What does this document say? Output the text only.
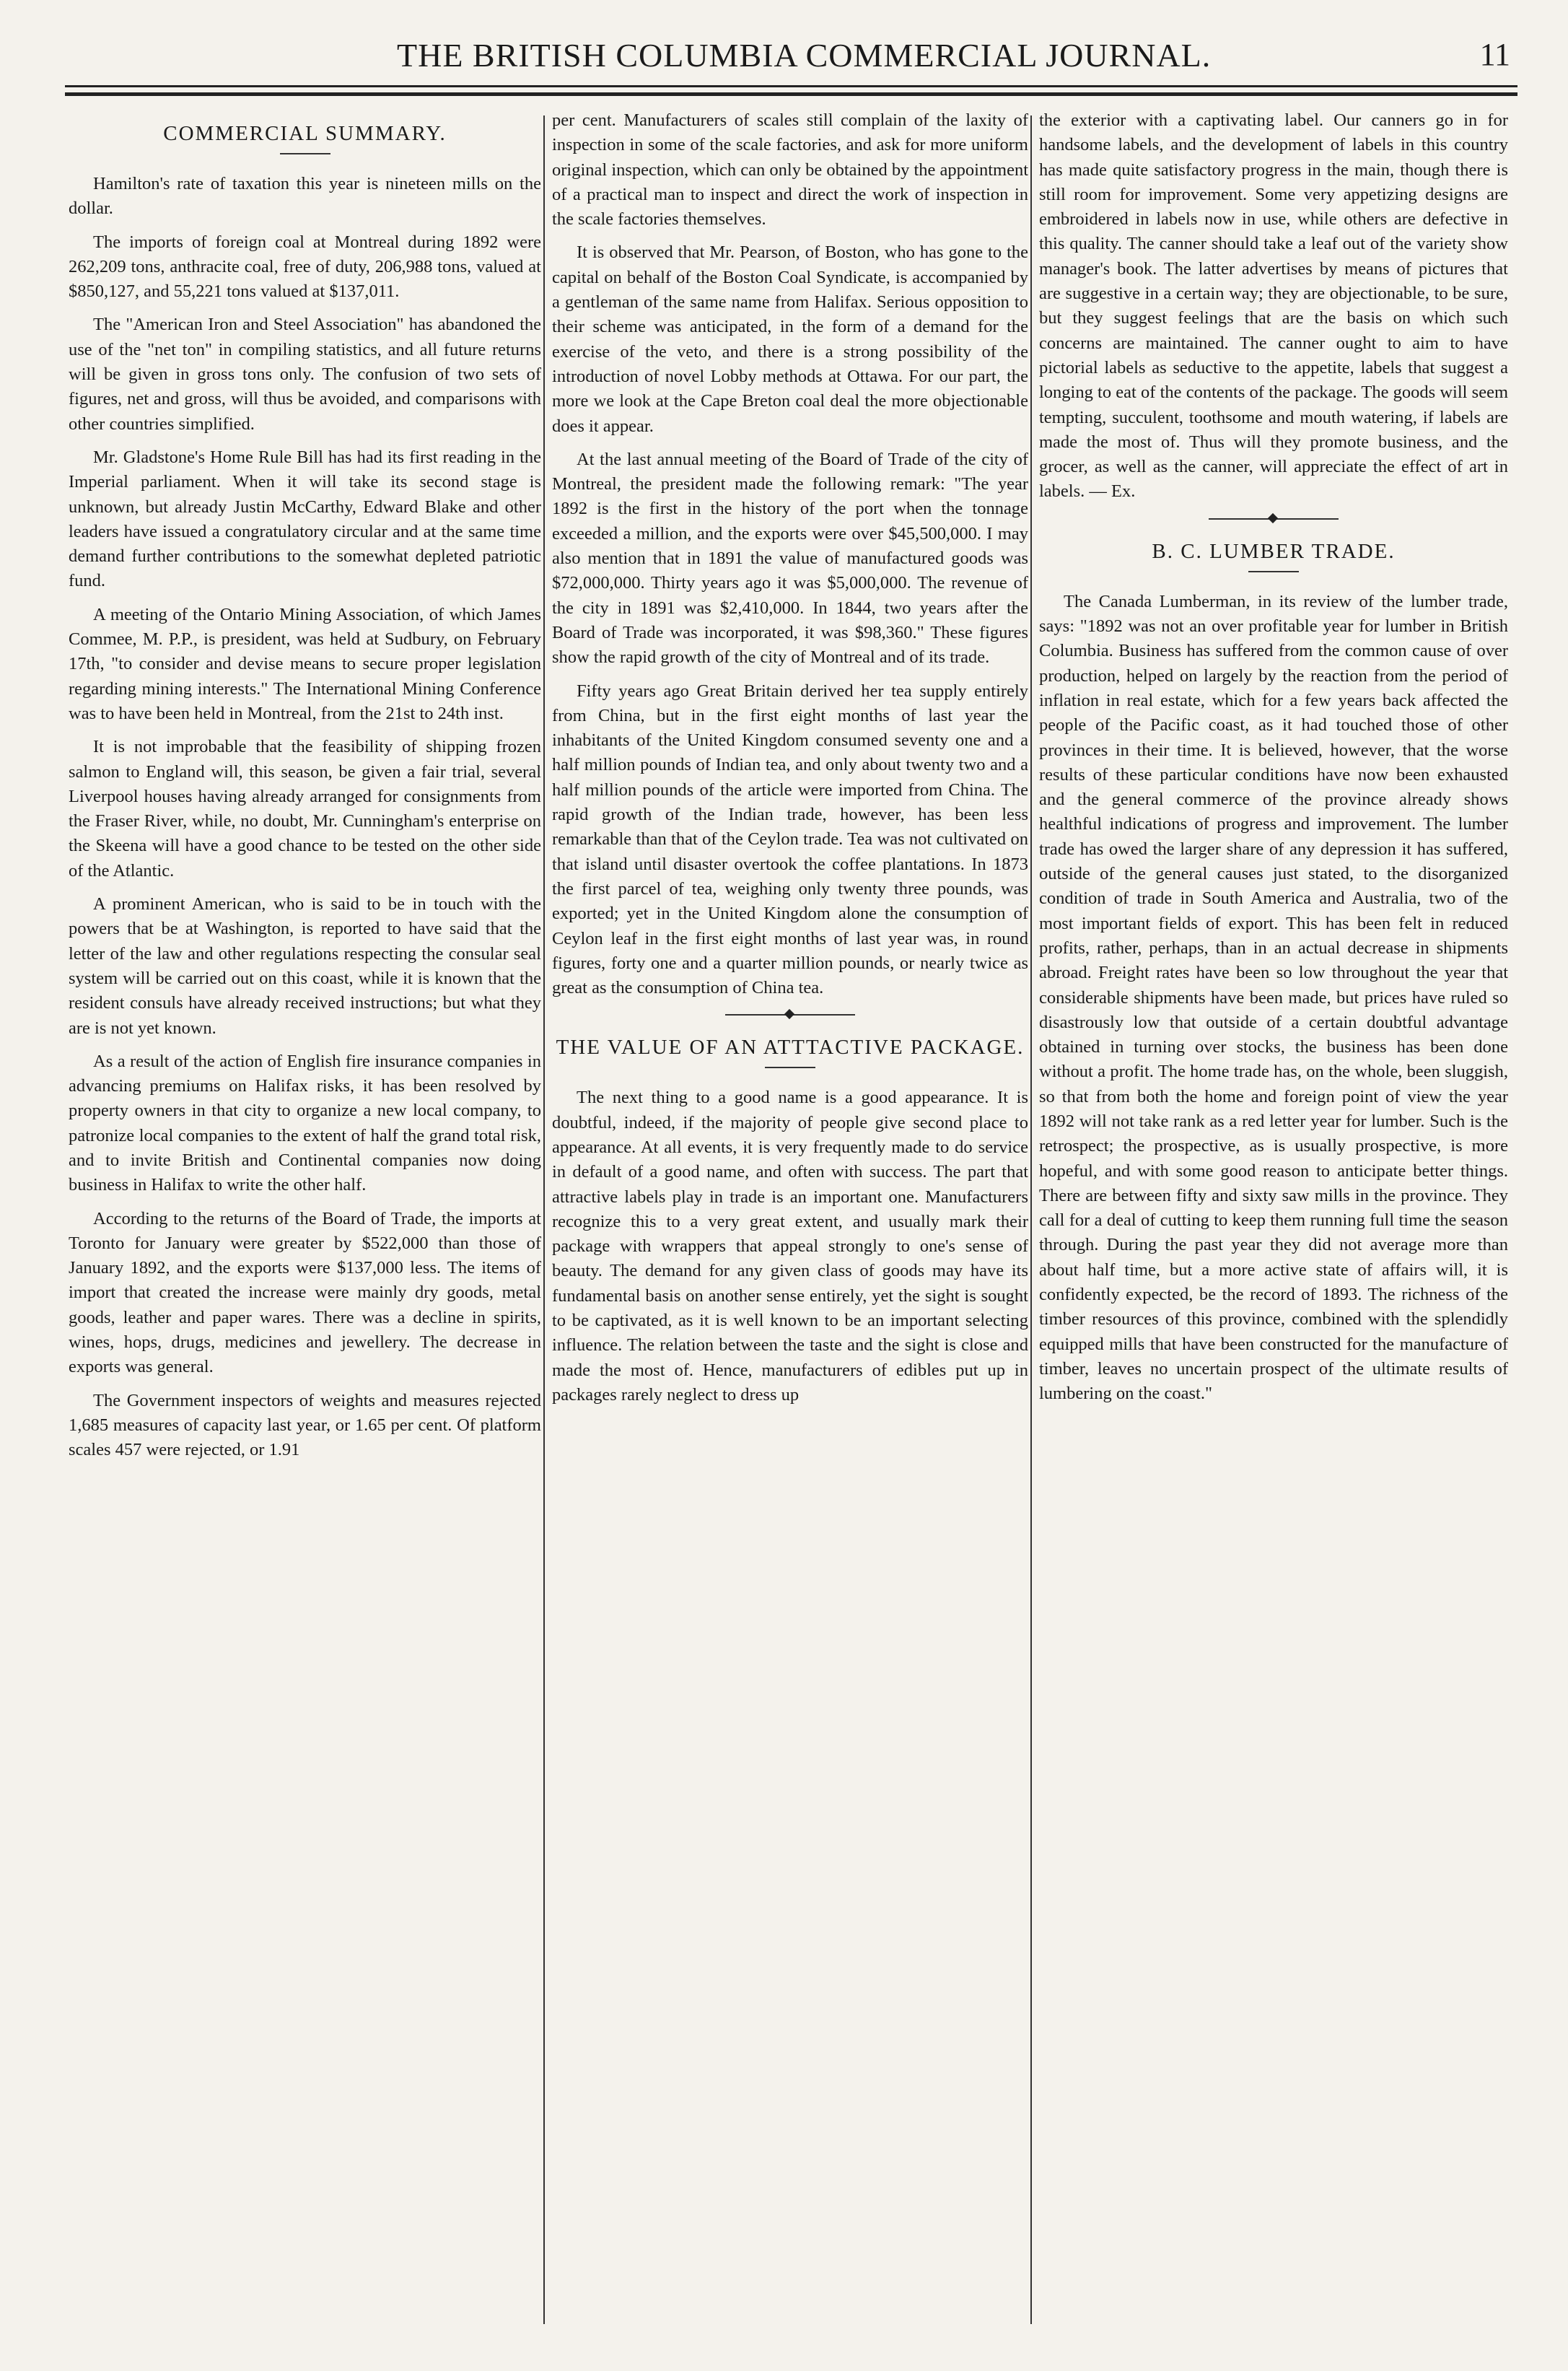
THE BRITISH COLUMBIA COMMERCIAL JOURNAL.	11
COMMERCIAL SUMMARY.

Hamilton's rate of taxation this year is nineteen mills on the dollar.

The imports of foreign coal at Montreal during 1892 were 262,209 tons, anthracite coal, free of duty, 206,988 tons, valued at $850,127, and 55,221 tons valued at $137,011.

The "American Iron and Steel Association" has abandoned the use of the "net ton" in compiling statistics, and all future returns will be given in gross tons only. The confusion of two sets of figures, net and gross, will thus be avoided, and comparisons with other countries simplified.

Mr. Gladstone's Home Rule Bill has had its first reading in the Imperial parliament. When it will take its second stage is unknown, but already Justin McCarthy, Edward Blake and other leaders have issued a congratulatory circular and at the same time demand further contributions to the somewhat depleted patriotic fund.

A meeting of the Ontario Mining Association, of which James Commee, M. P.P., is president, was held at Sudbury, on February 17th, "to consider and devise means to secure proper legislation regarding mining interests." The International Mining Conference was to have been held in Montreal, from the 21st to 24th inst.

It is not improbable that the feasibility of shipping frozen salmon to England will, this season, be given a fair trial, several Liverpool houses having already arranged for consignments from the Fraser River, while, no doubt, Mr. Cunningham's enterprise on the Skeena will have a good chance to be tested on the other side of the Atlantic.

A prominent American, who is said to be in touch with the powers that be at Washington, is reported to have said that the letter of the law and other regulations respecting the consular seal system will be carried out on this coast, while it is known that the resident consuls have already received instructions; but what they are is not yet known.

As a result of the action of English fire insurance companies in advancing premiums on Halifax risks, it has been resolved by property owners in that city to organize a new local company, to patronize local companies to the extent of half the grand total risk, and to invite British and Continental companies now doing business in Halifax to write the other half.

According to the returns of the Board of Trade, the imports at Toronto for January were greater by $522,000 than those of January 1892, and the exports were $137,000 less. The items of import that created the increase were mainly dry goods, metal goods, leather and paper wares. There was a decline in spirits, wines, hops, drugs, medicines and jewellery. The decrease in exports was general.

The Government inspectors of weights and measures rejected 1,685 measures of capacity last year, or 1.65 per cent. Of platform scales 457 were rejected, or 1.91

per cent. Manufacturers of scales still complain of the laxity of inspection in some of the scale factories, and ask for more uniform original inspection, which can only be obtained by the appointment of a practical man to inspect and direct the work of inspection in the scale factories themselves.

It is observed that Mr. Pearson, of Boston, who has gone to the capital on behalf of the Boston Coal Syndicate, is accompanied by a gentleman of the same name from Halifax. Serious opposition to their scheme was anticipated, in the form of a demand for the exercise of the veto, and there is a strong possibility of the introduction of novel Lobby methods at Ottawa. For our part, the more we look at the Cape Breton coal deal the more objectionable does it appear.

At the last annual meeting of the Board of Trade of the city of Montreal, the president made the following remark: "The year 1892 is the first in the history of the port when the tonnage exceeded a million, and the exports were over $45,500,000. I may also mention that in 1891 the value of manufactured goods was $72,000,000. Thirty years ago it was $5,000,000. The revenue of the city in 1891 was $2,410,000. In 1844, two years after the Board of Trade was incorporated, it was $98,360." These figures show the rapid growth of the city of Montreal and of its trade.

Fifty years ago Great Britain derived her tea supply entirely from China, but in the first eight months of last year the inhabitants of the United Kingdom consumed seventy one and a half million pounds of Indian tea, and only about twenty two and a half million pounds of the article were imported from China. The rapid growth of the Indian trade, however, has been less remarkable than that of the Ceylon trade. Tea was not cultivated on that island until disaster overtook the coffee plantations. In 1873 the first parcel of tea, weighing only twenty three pounds, was exported; yet in the United Kingdom alone the consumption of Ceylon leaf in the first eight months of last year was, in round figures, forty one and a quarter million pounds, or nearly twice as great as the consumption of China tea.

THE VALUE OF AN ATTTACTIVE PACKAGE.

The next thing to a good name is a good appearance. It is doubtful, indeed, if the majority of people give second place to appearance. At all events, it is very frequently made to do service in default of a good name, and often with success. The part that attractive labels play in trade is an important one. Manufacturers recognize this to a very great extent, and usually mark their package with wrappers that appeal strongly to one's sense of beauty. The demand for any given class of goods may have its fundamental basis on another sense entirely, yet the sight is sought to be captivated, as it is well known to be an important selecting influence. The relation between the taste and the sight is close and made the most of. Hence, manufacturers of edibles put up in packages rarely neglect to dress up

the exterior with a captivating label. Our canners go in for handsome labels, and the development of labels in this country has made quite satisfactory progress in the main, though there is still room for improvement. Some very appetizing designs are embroidered in labels now in use, while others are defective in this quality. The canner should take a leaf out of the variety show manager's book. The latter advertises by means of pictures that are suggestive in a certain way; they are objectionable, to be sure, but they suggest feelings that are the basis on which such concerns are maintained. The canner ought to aim to have pictorial labels as seductive to the appetite, labels that suggest a longing to eat of the contents of the package. The goods will seem tempting, succulent, toothsome and mouth watering, if labels are made the most of. Thus will they promote business, and the grocer, as well as the canner, will appreciate the effect of art in labels. — Ex.

B. C. LUMBER TRADE.

The Canada Lumberman, in its review of the lumber trade, says: "1892 was not an over profitable year for lumber in British Columbia. Business has suffered from the common cause of over production, helped on largely by the reaction from the period of inflation in real estate, which for a few years back affected the people of the Pacific coast, as it had touched those of other provinces in their time. It is believed, however, that the worse results of these particular conditions have now been exhausted and the general commerce of the province already shows healthful indications of progress and improvement. The lumber trade has owed the larger share of any depression it has suffered, outside of the general causes just stated, to the disorganized condition of trade in South America and Australia, two of the most important fields of export. This has been felt in reduced profits, rather, perhaps, than in an actual decrease in shipments abroad. Freight rates have been so low throughout the year that considerable shipments have been made, but prices have ruled so disastrously low that outside of a certain doubtful advantage obtained in turning over stocks, the business has been done without a profit. The home trade has, on the whole, been sluggish, so that from both the home and foreign point of view the year 1892 will not take rank as a red letter year for lumber. Such is the retrospect; the prospective, as is usually prospective, is more hopeful, and with some good reason to anticipate better things. There are between fifty and sixty saw mills in the province. They call for a deal of cutting to keep them running full time the season through. During the past year they did not average more than about half time, but a more active state of affairs will, it is confidently expected, be the record of 1893. The richness of the timber resources of this province, combined with the splendidly equipped mills that have been constructed for the manufacture of timber, leaves no uncertain prospect of the ultimate results of lumbering on the coast."
